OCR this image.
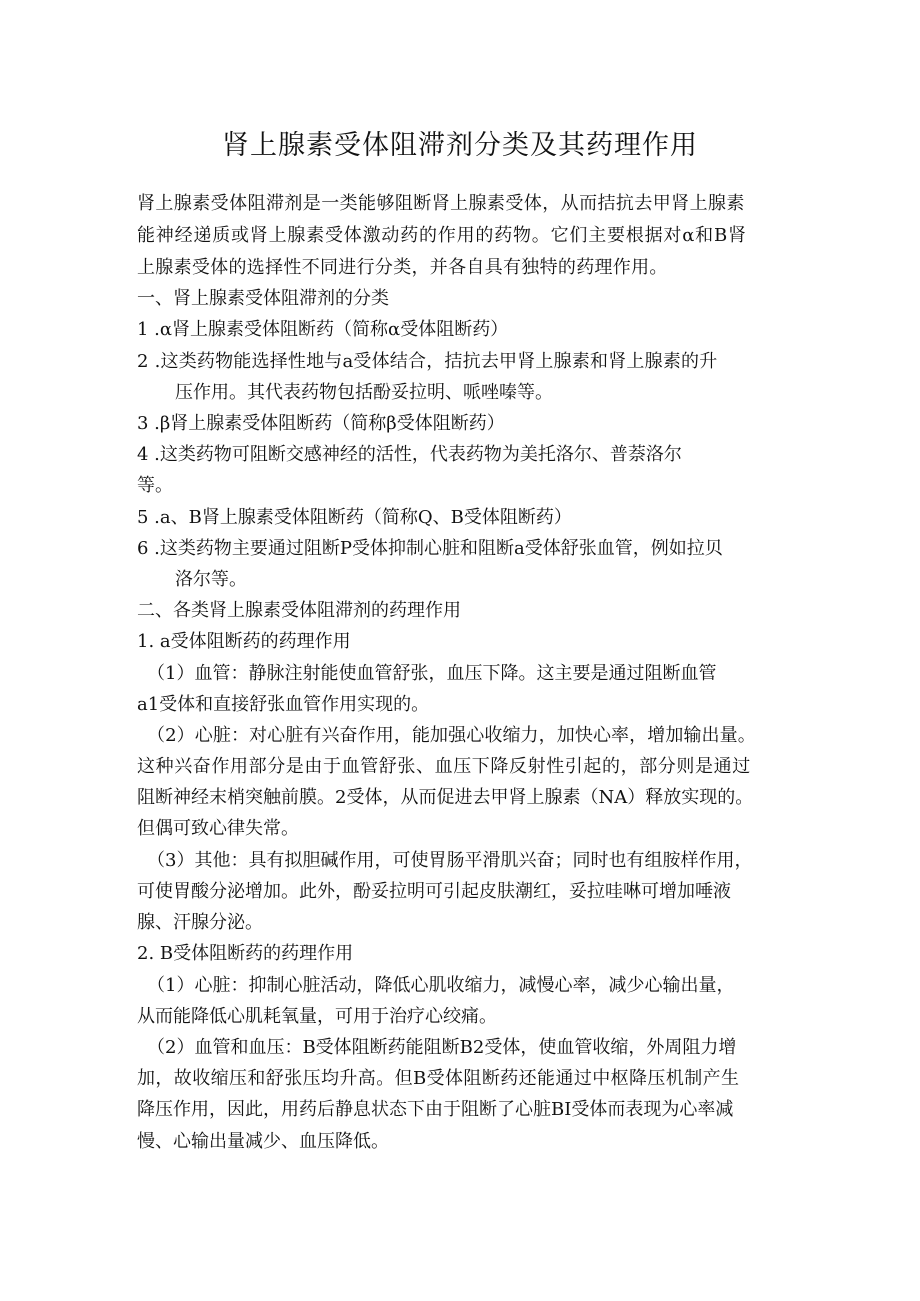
肾上腺素受体阻滞剂分类及其药理作用
肾上腺素受体阻滞剂是一类能够阻断肾上腺素受体，从而拮抗去甲肾上腺素
能神经递质或肾上腺素受体激动药的作用的药物。它们主要根据对α和B肾
上腺素受体的选择性不同进行分类，并各自具有独特的药理作用。
一、肾上腺素受体阻滞剂的分类
1 .α肾上腺素受体阻断药（简称α受体阻断药）
2 .这类药物能选择性地与a受体结合，拮抗去甲肾上腺素和肾上腺素的升
压作用。其代表药物包括酚妥拉明、哌唑嗪等。
3 .β肾上腺素受体阻断药（简称β受体阻断药）
4 .这类药物可阻断交感神经的活性，代表药物为美托洛尔、普萘洛尔
等。
5 .a、B肾上腺素受体阻断药（简称Q、B受体阻断药）
6 .这类药物主要通过阻断P受体抑制心脏和阻断a受体舒张血管，例如拉贝
洛尔等。
二、各类肾上腺素受体阻滞剂的药理作用
1. a受体阻断药的药理作用
（1）血管：静脉注射能使血管舒张，血压下降。这主要是通过阻断血管
a1受体和直接舒张血管作用实现的。
（2）心脏：对心脏有兴奋作用，能加强心收缩力，加快心率，增加输出量。
这种兴奋作用部分是由于血管舒张、血压下降反射性引起的，部分则是通过
阻断神经末梢突触前膜。2受体，从而促进去甲肾上腺素（NA）释放实现的。
但偶可致心律失常。
（3）其他：具有拟胆碱作用，可使胃肠平滑肌兴奋；同时也有组胺样作用，
可使胃酸分泌增加。此外，酚妥拉明可引起皮肤潮红，妥拉哇啉可增加唾液
腺、汗腺分泌。
2. B受体阻断药的药理作用
（1）心脏：抑制心脏活动，降低心肌收缩力，减慢心率，减少心输出量，
从而能降低心肌耗氧量，可用于治疗心绞痛。
（2）血管和血压：B受体阻断药能阻断B2受体，使血管收缩，外周阻力增
加，故收缩压和舒张压均升高。但B受体阻断药还能通过中枢降压机制产生
降压作用，因此，用药后静息状态下由于阻断了心脏BI受体而表现为心率减
慢、心输出量减少、血压降低。
